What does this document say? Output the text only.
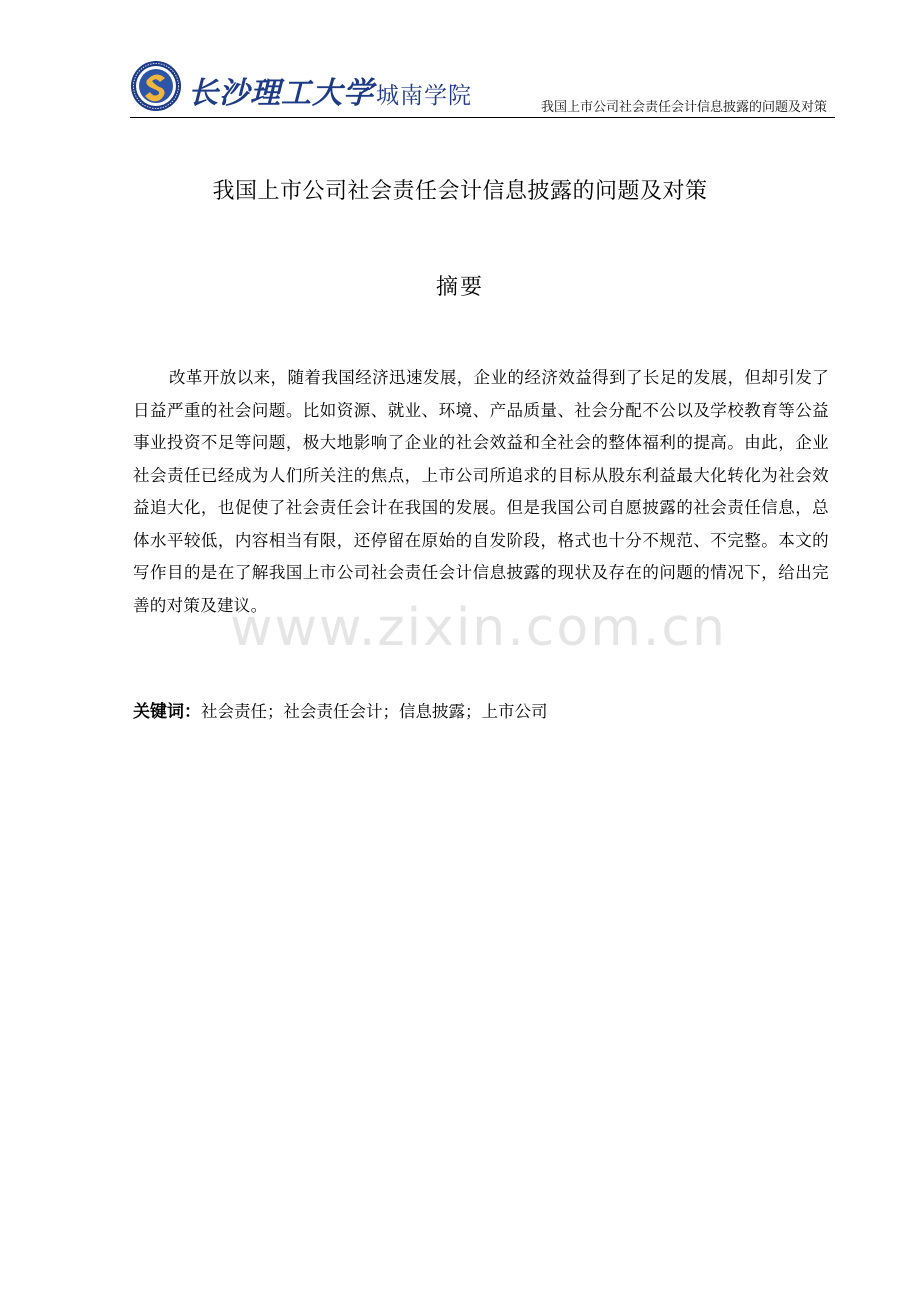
长沙理工大学城南学院	我国上市公司社会责任会计信息披露的问题及对策
我国上市公司社会责任会计信息披露的问题及对策
摘要
改革开放以来，随着我国经济迅速发展，企业的经济效益得到了长足的发展，但却引发了日益严重的社会问题。比如资源、就业、环境、产品质量、社会分配不公以及学校教育等公益事业投资不足等问题，极大地影响了企业的社会效益和全社会的整体福利的提高。由此，企业社会责任已经成为人们所关注的焦点，上市公司所追求的目标从股东利益最大化转化为社会效益追大化，也促使了社会责任会计在我国的发展。但是我国公司自愿披露的社会责任信息，总体水平较低，内容相当有限，还停留在原始的自发阶段，格式也十分不规范、不完整。本文的写作目的是在了解我国上市公司社会责任会计信息披露的现状及存在的问题的情况下，给出完善的对策及建议。
www.zixin.com.cn
关键词：社会责任；社会责任会计；信息披露；上市公司
